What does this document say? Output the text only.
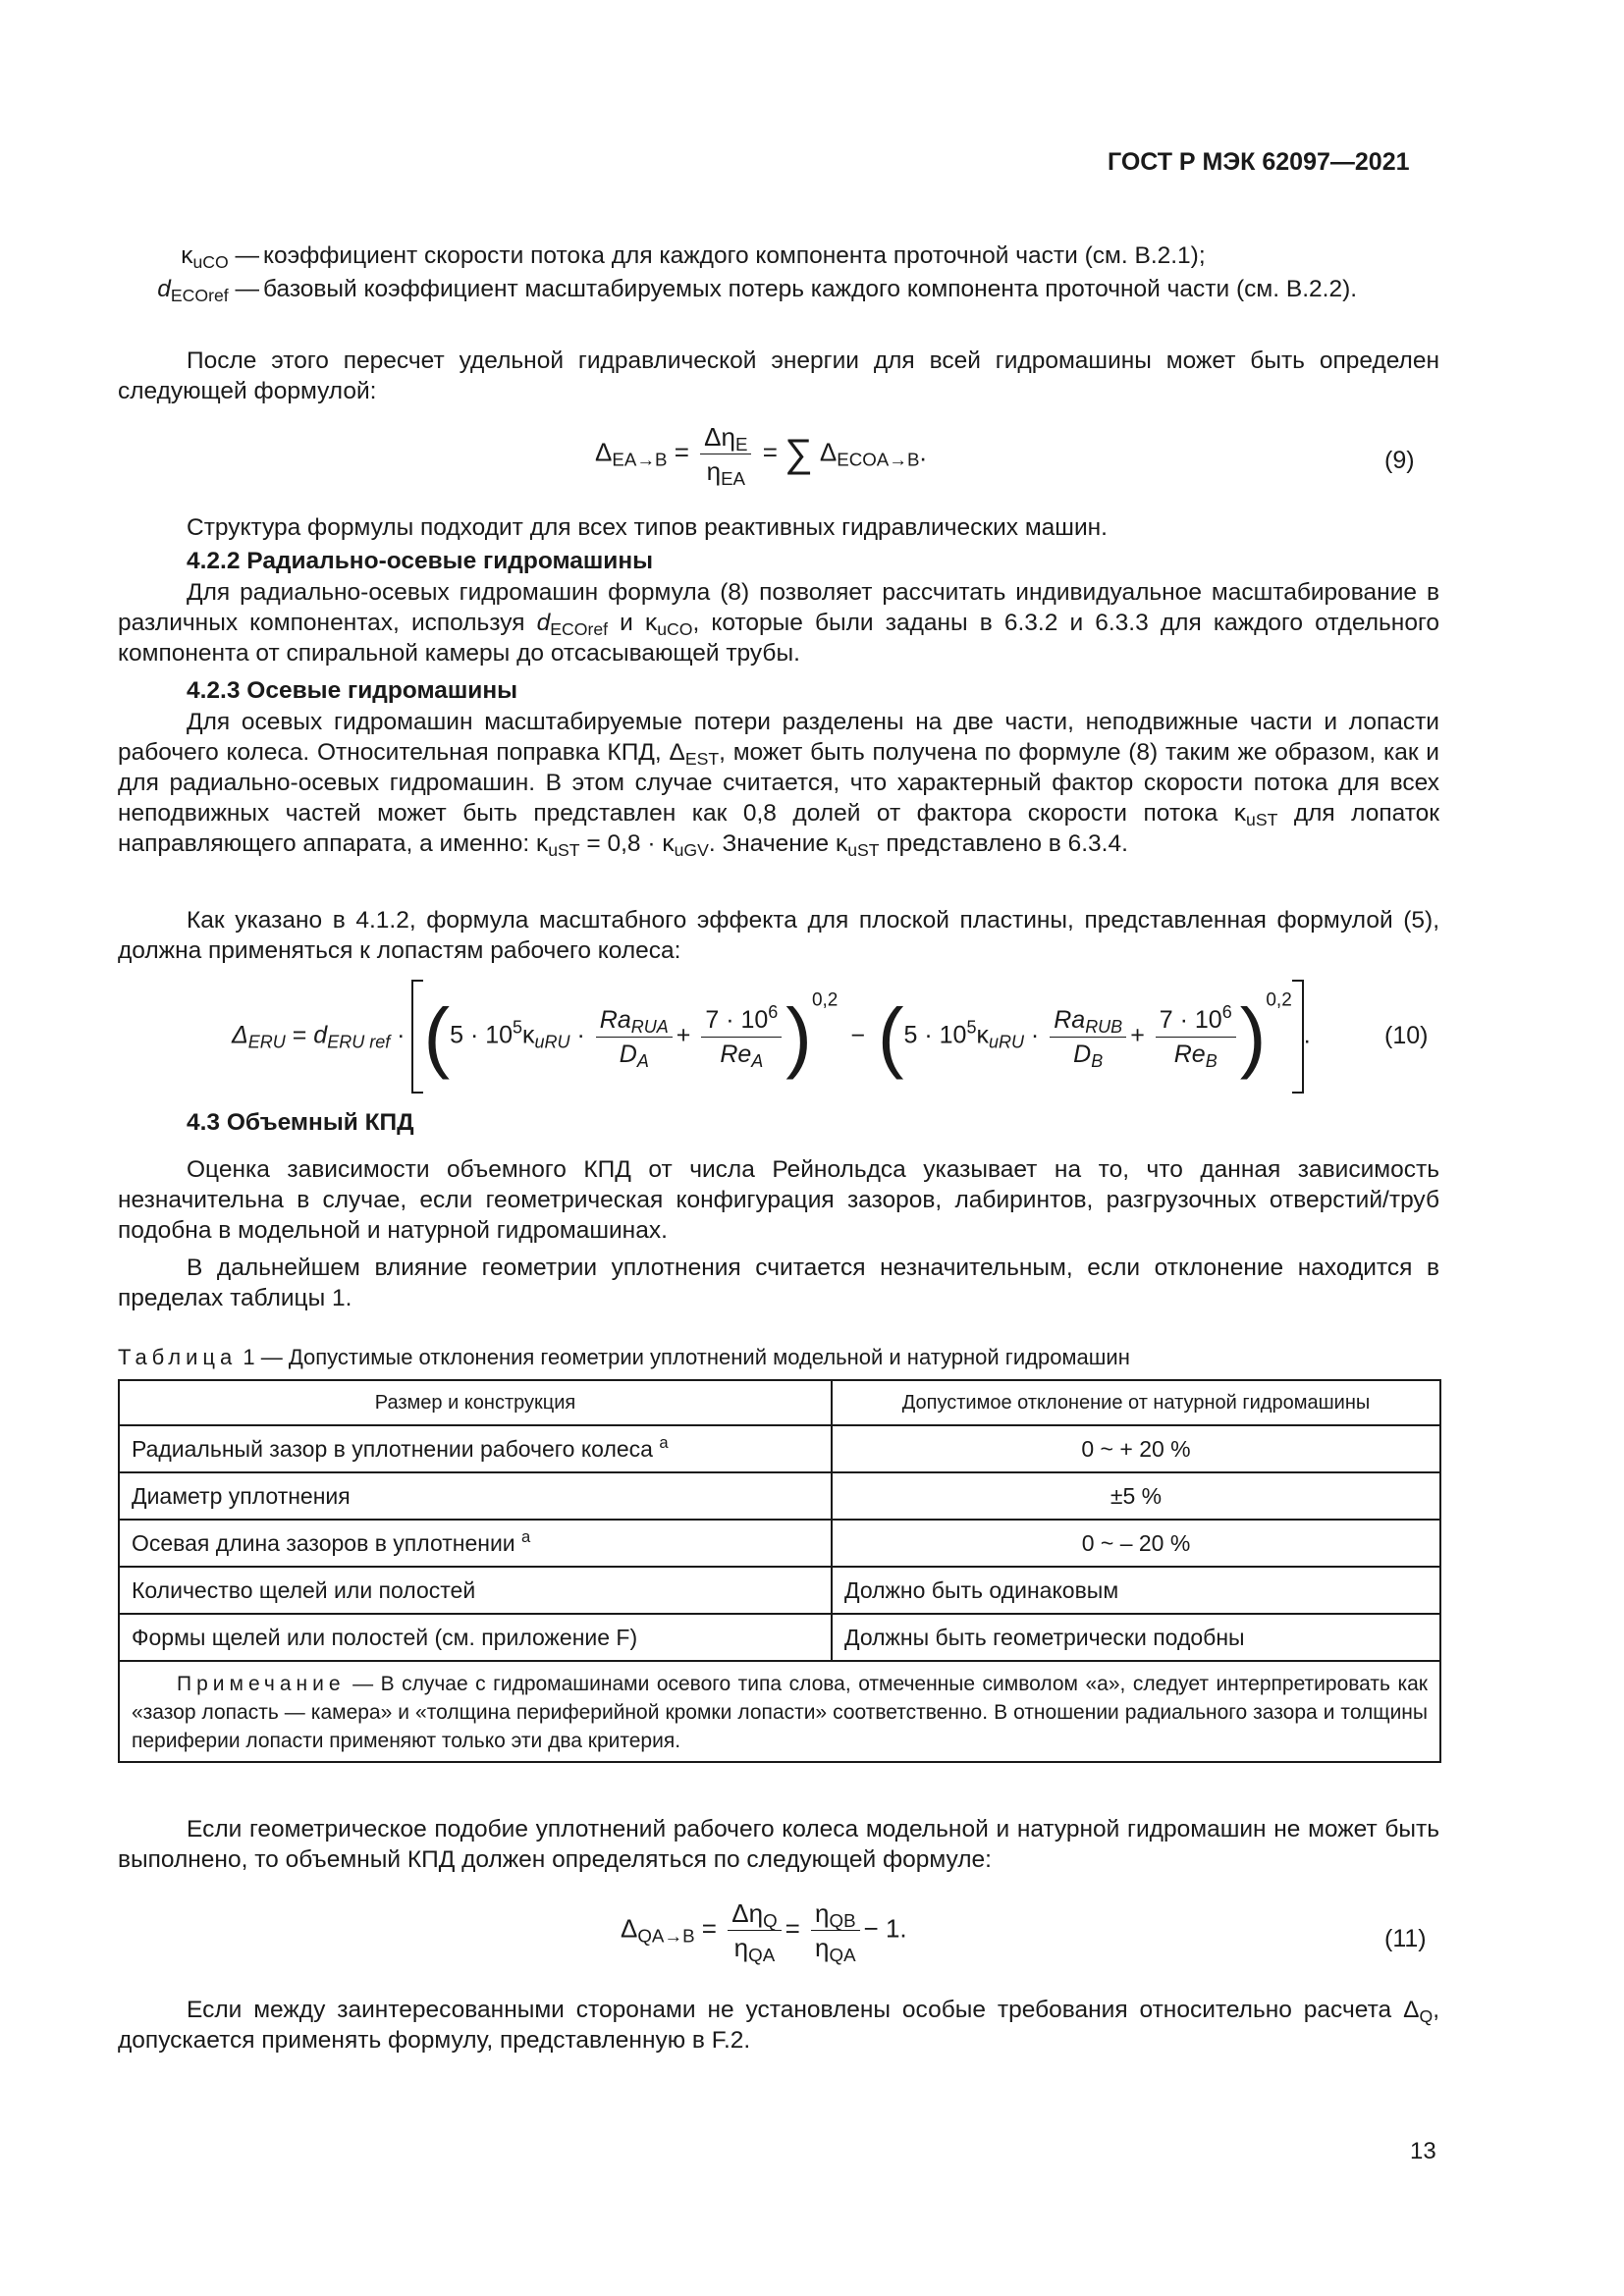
ГОСТ Р МЭК 62097—2021
$\kappa_{uCO}$ — коэффициент скорости потока для каждого компонента проточной части (см. В.2.1);
$d_{ECOref}$ — базовый коэффициент масштабируемых потерь каждого компонента проточной части (см. В.2.2).
После этого пересчет удельной гидравлической энергии для всей гидромашины может быть определен следующей формулой:
$\Delta_{EA\to B} = \frac{\Delta\eta_E}{\eta_{EA}}$ = ∑ $\Delta_{ECOA\to B}$.	(9)
Структура формулы подходит для всех типов реактивных гидравлических машин.
4.2.2 Радиально-осевые гидромашины
Для радиально-осевых гидромашин формула (8) позволяет рассчитать индивидуальное масштабирование в различных компонентах, используя $d_{ECOref}$ и $\kappa_{uCO}$, которые были заданы в 6.3.2 и 6.3.3 для каждого отдельного компонента от спиральной камеры до отсасывающей трубы.
4.2.3 Осевые гидромашины
Для осевых гидромашин масштабируемые потери разделены на две части, неподвижные части и лопасти рабочего колеса. Относительная поправка КПД, $\Delta_{EST}$, может быть получена по формуле (8) таким же образом, как и для радиально-осевых гидромашин. В этом случае считается, что характерный фактор скорости потока для всех неподвижных частей может быть представлен как 0,8 долей от фактора скорости потока $\kappa_{uST}$ для лопаток направляющего аппарата, а именно: $\kappa_{uST} = 0,8 \cdot \kappa_{uGV}$. Значение $\kappa_{uST}$ представлено в 6.3.4.
Как указано в 4.1.2, формула масштабного эффекта для плоской пластины, представленная формулой (5), должна применяться к лопастям рабочего колеса:
$\Delta_{ERU} = d_{ERU ref} \cdot (5 \cdot 10^5\kappa_{uRU} \cdot \frac{Ra_{RUA}}{D_A} + \frac{7 \cdot 10^6}{Re_A} )^{0,2} - (5 \cdot 10^5\kappa_{uRU} \cdot \frac{Ra_{RUB}}{D_B} + \frac{7 \cdot 10^6}{Re_B} )^{0,2}$.	(10)
4.3 Объемный КПД
Оценка зависимости объемного КПД от числа Рейнольдса указывает на то, что данная зависимость незначительна в случае, если геометрическая конфигурация зазоров, лабиринтов, разгрузочных отверстий/труб подобна в модельной и натурной гидромашинах.
В дальнейшем влияние геометрии уплотнения считается незначительным, если отклонение находится в пределах таблицы 1.
Таблица 1 — Допустимые отклонения геометрии уплотнений модельной и натурной гидромашин
Размер и конструкция	Допустимое отклонение от натурной гидромашины
Радиальный зазор в уплотнении рабочего колеса $^a$	0 ~ + 20 %
Диаметр уплотнения	±5 %
Осевая длина зазоров в уплотнении $^a$	0 ~ – 20 %
Количество щелей или полостей	Должно быть одинаковым
Формы щелей или полостей (см. приложение F)	Должны быть геометрически подобны
Примечание — В случае с гидромашинами осевого типа слова, отмеченные символом «а», следует интерпретировать как «зазор лопасть — камера» и «толщина периферийной кромки лопасти» соответственно. В отношении радиального зазора и толщины периферии лопасти применяют только эти два критерия.	
Если геометрическое подобие уплотнений рабочего колеса модельной и натурной гидромашин не может быть выполнено, то объемный КПД должен определяться по следующей формуле:
$\Delta_{QA\to B} = \frac{\Delta\eta_Q}{\eta_{QA}} = \frac{\eta_{QB}}{\eta_{QA}} - 1$.	(11)
Если между заинтересованными сторонами не установлены особые требования относительно расчета $\Delta_Q$, допускается применять формулу, представленную в F.2.
13
